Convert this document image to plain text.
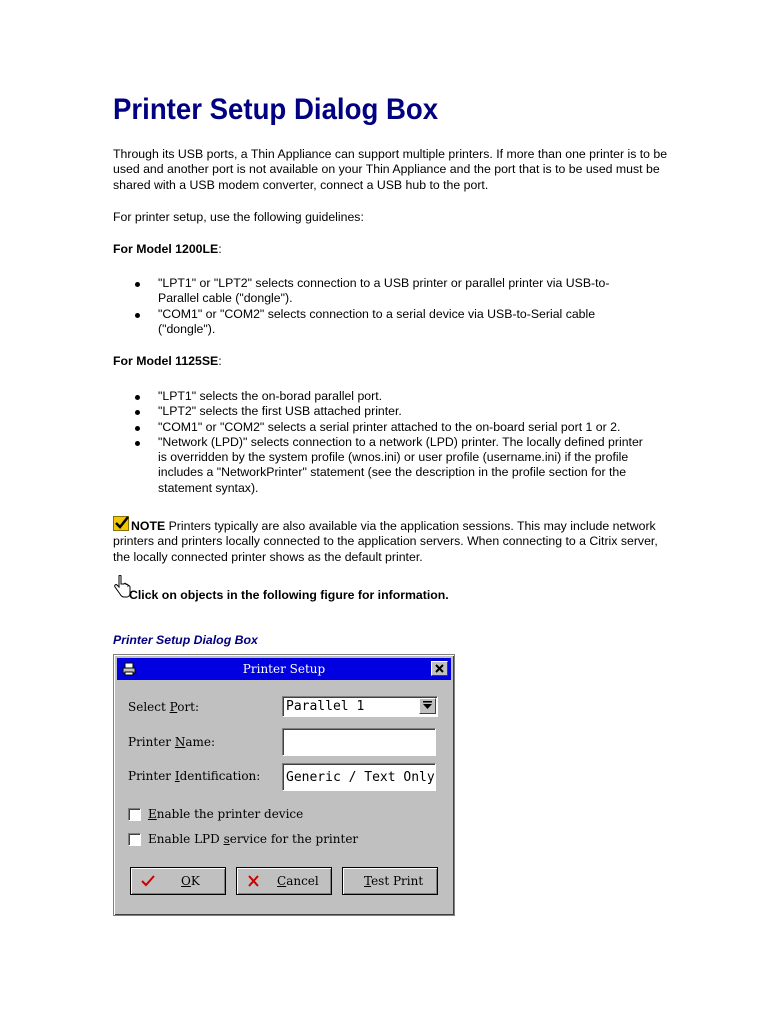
Printer Setup Dialog Box

Through its USB ports, a Thin Appliance can support multiple printers. If more than one printer is to be used and another port is not available on your Thin Appliance and the port that is to be used must be shared with a USB modem converter, connect a USB hub to the port.

For printer setup, use the following guidelines:

For Model 1200LE:

"LPT1" or "LPT2" selects connection to a USB printer or parallel printer via USB-to-Parallel cable ("dongle").
"COM1" or "COM2" selects connection to a serial device via USB-to-Serial cable ("dongle").

For Model 1125SE:

"LPT1" selects the on-borad parallel port.
"LPT2" selects the first USB attached printer.
"COM1" or "COM2" selects a serial printer attached to the on-board serial port 1 or 2.
"Network (LPD)" selects connection to a network (LPD) printer. The locally defined printer is overridden by the system profile (wnos.ini) or user profile (username.ini) if the profile includes a "NetworkPrinter" statement (see the description in the profile section for the statement syntax).

NOTE Printers typically are also available via the application sessions. This may include network printers and printers locally connected to the application servers. When connecting to a Citrix server, the locally connected printer shows as the default printer.

Click on objects in the following figure for information.

Printer Setup Dialog Box

Printer Setup
Select Port:	Parallel 1
Printer Name:
Printer Identification:	Generic / Text Only
Enable the printer device
Enable LPD service for the printer
OK	Cancel	Test Print
